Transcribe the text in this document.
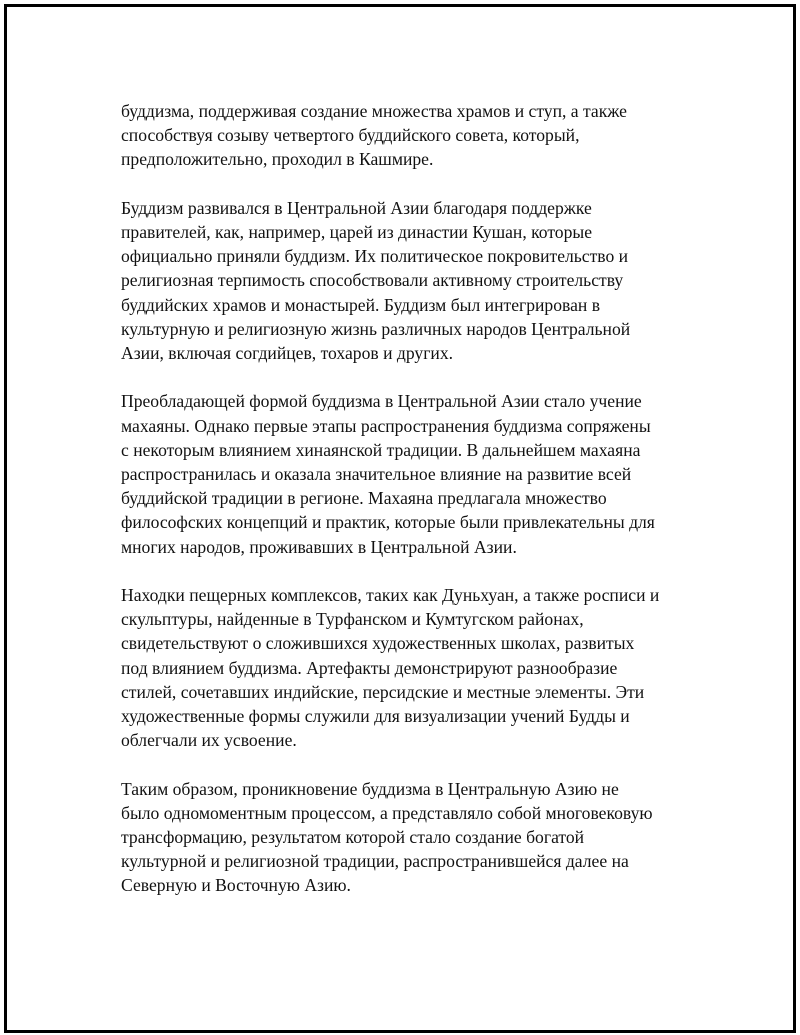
буддизма, поддерживая создание множества храмов и ступ, а также
способствуя созыву четвертого буддийского совета, который,
предположительно, проходил в Кашмире.

Буддизм развивался в Центральной Азии благодаря поддержке
правителей, как, например, царей из династии Кушан, которые
официально приняли буддизм. Их политическое покровительство и
религиозная терпимость способствовали активному строительству
буддийских храмов и монастырей. Буддизм был интегрирован в
культурную и религиозную жизнь различных народов Центральной
Азии, включая согдийцев, тохаров и других.

Преобладающей формой буддизма в Центральной Азии стало учение
махаяны. Однако первые этапы распространения буддизма сопряжены
с некоторым влиянием хинаянской традиции. В дальнейшем махаяна
распространилась и оказала значительное влияние на развитие всей
буддийской традиции в регионе. Махаяна предлагала множество
философских концепций и практик, которые были привлекательны для
многих народов, проживавших в Центральной Азии.

Находки пещерных комплексов, таких как Дуньхуан, а также росписи и
скульптуры, найденные в Турфанском и Кумтугском районах,
свидетельствуют о сложившихся художественных школах, развитых
под влиянием буддизма. Артефакты демонстрируют разнообразие
стилей, сочетавших индийские, персидские и местные элементы. Эти
художественные формы служили для визуализации учений Будды и
облегчали их усвоение.

Таким образом, проникновение буддизма в Центральную Азию не
было одномоментным процессом, а представляло собой многовековую
трансформацию, результатом которой стало создание богатой
культурной и религиозной традиции, распространившейся далее на
Северную и Восточную Азию.
